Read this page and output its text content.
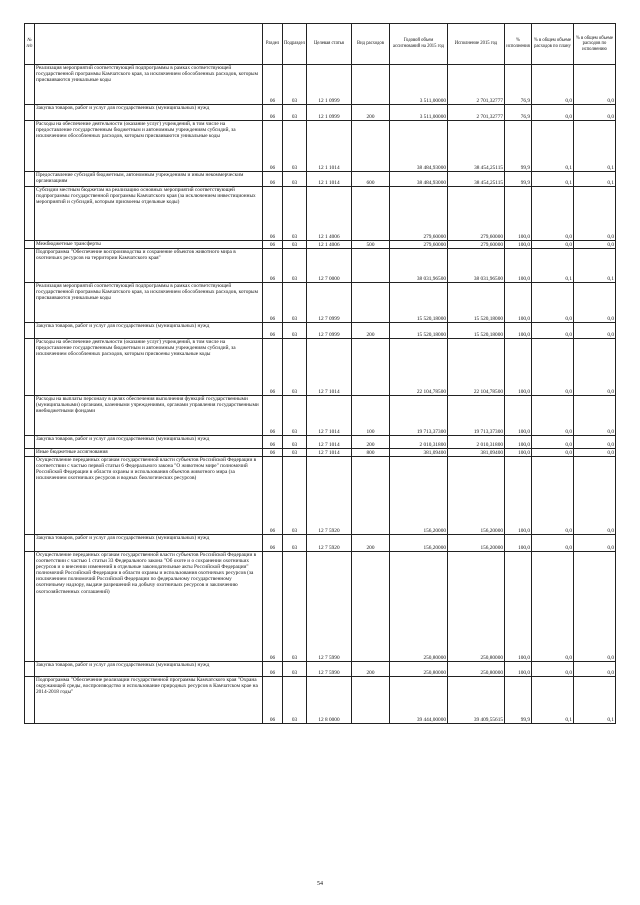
№ п/п		Раздел	Подраздел	Целевая статья	Вид расходов	Годовой объем ассигнований на 2015 год	Исполнение 2015 год	% исполнения	% в общем объеме расходов по плану	% в общем объеме расходов по исполнению
	Реализация мероприятий соответствующей подпрограммы в рамках соответствующей государственной программы Камчатского края, за исключением обособленных расходов, которым присваиваются уникальные коды	06	03	12 1 0999		3 511,00000	2 701,32777	76,9	0,0	0,0
	Закупка товаров, работ и услуг для государственных (муниципальных) нужд	06	03	12 1 0999	200	3 511,00000	2 701,32777	76,9	0,0	0,0
	Расходы на обеспечение деятельности (оказание услуг) учреждений, в том числе на предоставление государственным бюджетным и автономным учреждениям субсидий, за исключением обособленных расходов, которым присваиваются уникальные коды	06	03	12 1 1014		38 484,93000	38 454,25115	99,9	0,1	0,1
	Предоставление субсидий бюджетным, автономным учреждениям и иным некоммерческим организациям	06	03	12 1 1014	600	38 484,93000	38 454,25115	99,9	0,1	0,1
	Субсидии местным бюджетам на реализацию основных мероприятий соответствующей подпрограммы государственной программы Камчатского края (за исключением инвестиционных мероприятий и субсидий, которым присвоены отдельные коды)	06	03	12 1 4006		279,60000	279,60000	100,0	0,0	0,0
	Межбюджетные трансферты	06	03	12 1 4006	500	279,60000	279,60000	100,0	0,0	0,0
	Подпрограмма "Обеспечение воспроизводства и сохранение объектов животного мира в охотничьих ресурсов на территории Камчатского края"	06	03	12 7 0000		38 031,96500	38 031,96500	100,0	0,1	0,1
	Реализация мероприятий соответствующей подпрограммы в рамках соответствующей государственной программы Камчатского края, за исключением обособленных расходов, которым присваиваются уникальные коды	06	03	12 7 0999		15 520,18000	15 520,18000	100,0	0,0	0,0
	Закупка товаров, работ и услуг для государственных (муниципальных) нужд	06	03	12 7 0999	200	15 520,18000	15 520,18000	100,0	0,0	0,0
	Расходы на обеспечение деятельности (оказание услуг) учреждений, в том числе на предоставление государственным бюджетным и автономным учреждениям субсидий, за исключением обособленных расходов, которым присвоены уникальные коды	06	03	12 7 1014		22 104,78500	22 104,78500	100,0	0,0	0,0
	Расходы на выплаты персоналу в целях обеспечения выполнения функций государственными (муниципальными) органами, казенными учреждениями, органами управления государственными внебюджетными фондами	06	03	12 7 1014	100	19 713,37300	19 713,37300	100,0	0,0	0,0
	Закупка товаров, работ и услуг для государственных (муниципальных) нужд	06	03	12 7 1014	200	2 010,31800	2 010,31800	100,0	0,0	0,0
	Иные бюджетные ассигнования	06	03	12 7 1014	800	381,09400	381,09400	100,0	0,0	0,0
	Осуществление переданных органам государственной власти субъектов Российской Федерации в соответствии с частью первой статьи 6 Федерального закона "О животном мире" полномочий Российской Федерации в области охраны и использования объектов животного мира (за исключением охотничьих ресурсов и водных биологических ресурсов)	06	03	12 7 5920		156,20000	156,20000	100,0	0,0	0,0
	Закупка товаров, работ и услуг для государственных (муниципальных) нужд	06	03	12 7 5920	200	156,20000	156,20000	100,0	0,0	0,0
	Осуществление переданных органам государственной власти субъектов Российской Федерации в соответствии с частью 1 статьи 33 Федерального закона "Об охоте и о сохранении охотничьих ресурсов и о внесении изменений в отдельные законодательные акты Российской Федерации" полномочий Российской Федерации в области охраны и использования охотничьих ресурсов (за исключением полномочий Российской Федерации по федеральному государственному охотничьему надзору, выдаче разрешений на добычу охотничьих ресурсов и заключению охотхозяйственных соглашений)	06	03	12 7 5990		250,80000	250,80000	100,0	0,0	0,0
	Закупка товаров, работ и услуг для государственных (муниципальных) нужд	06	03	12 7 5990	200	250,80000	250,80000	100,0	0,0	0,0
	Подпрограмма "Обеспечение реализации государственной программы Камчатского края "Охрана окружающей среды, воспроизводство и использование природных ресурсов в Камчатском крае на 2014-2018 годы"	06	03	12 8 0000		39 444,00000	39 409,55615	99,9	0,1	0,1
54
